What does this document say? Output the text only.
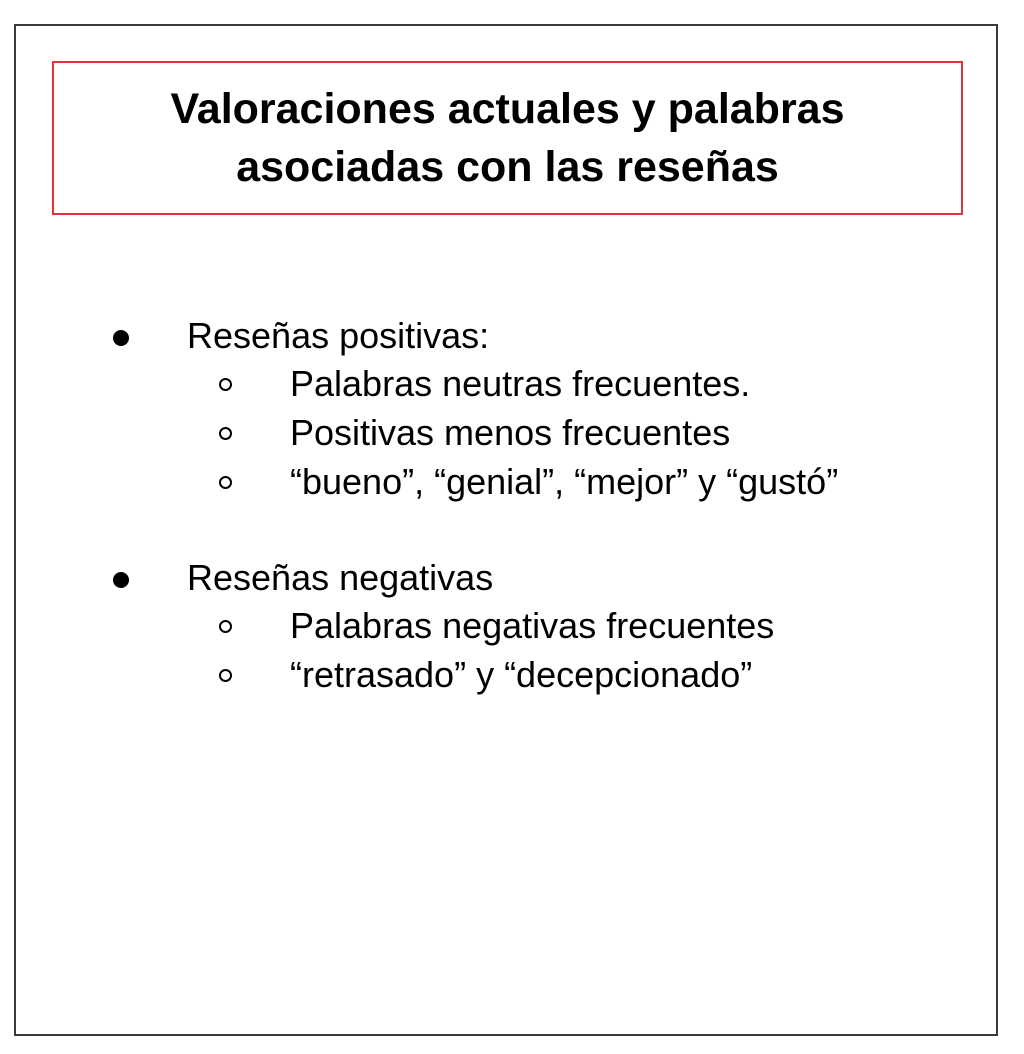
Valoraciones actuales y palabras
asociadas con las reseñas
Reseñas positivas:
Palabras neutras frecuentes.
Positivas menos frecuentes
“bueno”, “genial”, “mejor” y “gustó”
Reseñas negativas
Palabras negativas frecuentes
“retrasado” y “decepcionado”
